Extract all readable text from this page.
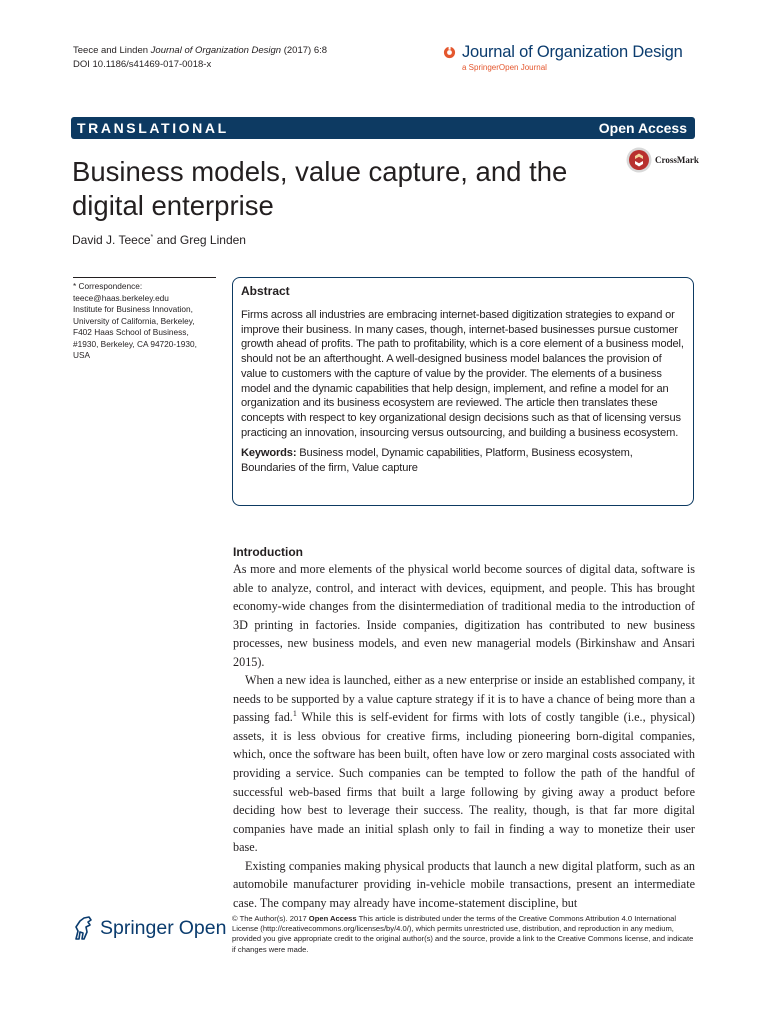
Teece and Linden Journal of Organization Design (2017) 6:8
DOI 10.1186/s41469-017-0018-x
Journal of Organization Design
a SpringerOpen Journal
TRANSLATIONAL	Open Access
Business models, value capture, and the
digital enterprise
CrossMark
David J. Teece* and Greg Linden
* Correspondence:
teece@haas.berkeley.edu
Institute for Business Innovation,
University of California, Berkeley,
F402 Haas School of Business,
#1930, Berkeley, CA 94720-1930,
USA
Abstract
Firms across all industries are embracing internet-based digitization strategies to expand or improve their business. In many cases, though, internet-based businesses pursue customer growth ahead of profits. The path to profitability, which is a core element of a business model, should not be an afterthought. A well-designed business model balances the provision of value to customers with the capture of value by the provider. The elements of a business model and the dynamic capabilities that help design, implement, and refine a model for an organization and its business ecosystem are reviewed. The article then translates these concepts with respect to key organizational design decisions such as that of licensing versus practicing an innovation, insourcing versus outsourcing, and building a business ecosystem.
Keywords: Business model, Dynamic capabilities, Platform, Business ecosystem, Boundaries of the firm, Value capture
Introduction

As more and more elements of the physical world become sources of digital data, software is able to analyze, control, and interact with devices, equipment, and people. This has brought economy-wide changes from the disintermediation of traditional media to the introduction of 3D printing in factories. Inside companies, digitization has contributed to new business processes, new business models, and even new managerial models (Birkinshaw and Ansari 2015).

When a new idea is launched, either as a new enterprise or inside an established company, it needs to be supported by a value capture strategy if it is to have a chance of being more than a passing fad.$^1$ While this is self-evident for firms with lots of costly tangible (i.e., physical) assets, it is less obvious for creative firms, including pioneering born-digital companies, which, once the software has been built, often have low or zero marginal costs associated with providing a service. Such companies can be tempted to follow the path of the handful of successful web-based firms that built a large following by giving away a product before deciding how best to leverage their success. The reality, though, is that far more digital companies have made an initial splash only to fail in finding a way to monetize their user base.

Existing companies making physical products that launch a new digital platform, such as an automobile manufacturer providing in-vehicle mobile transactions, present an intermediate case. The company may already have income-statement discipline, but

Springer Open © The Author(s). 2017 Open Access This article is distributed under the terms of the Creative Commons Attribution 4.0 International License (http://creativecommons.org/licenses/by/4.0/), which permits unrestricted use, distribution, and reproduction in any medium, provided you give appropriate credit to the original author(s) and the source, provide a link to the Creative Commons license, and indicate if changes were made.
